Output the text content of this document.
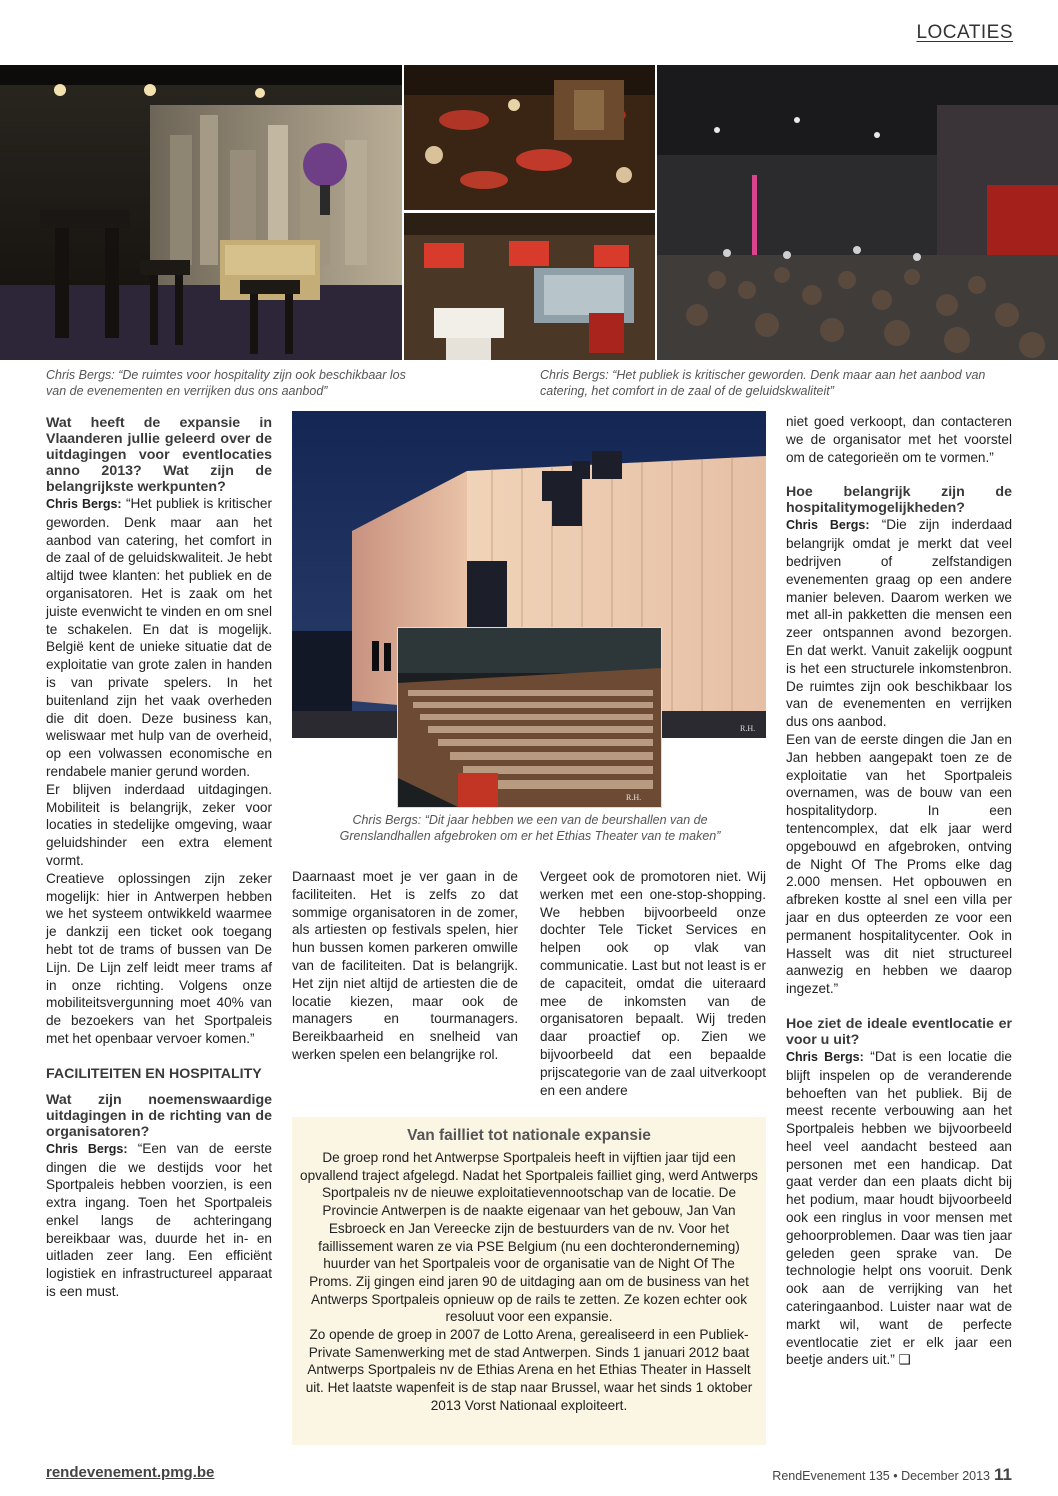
LOCATIES
Chris Bergs: “De ruimtes voor hospitality zijn ook beschikbaar los van de evenementen en verrijken dus ons aanbod”
Chris Bergs: “Het publiek is kritischer geworden. Denk maar aan het aanbod van catering, het comfort in de zaal of de geluidskwaliteit”
R.H.
R.H.
Chris Bergs: “Dit jaar hebben we een van de beurshallen van de Grenslandhallen afgebroken om er het Ethias Theater van te maken”

Wat heeft de expansie in Vlaanderen jullie geleerd over de uitdagingen voor eventlocaties anno 2013? Wat zijn de belangrijkste werkpunten?

Chris Bergs: “Het publiek is kritischer geworden. Denk maar aan het aanbod van catering, het comfort in de zaal of de geluidskwaliteit. Je hebt altijd twee klanten: het publiek en de organisatoren. Het is zaak om het juiste evenwicht te vinden en om snel te schakelen. En dat is mogelijk. België kent de unieke situatie dat de exploitatie van grote zalen in handen is van private spelers. In het buitenland zijn het vaak overheden die dit doen. Deze business kan, weliswaar met hulp van de overheid, op een volwassen economische en rendabele manier gerund worden.

Er blijven inderdaad uitdagingen. Mobiliteit is belangrijk, zeker voor locaties in stedelijke omgeving, waar geluidshinder een extra element vormt.

Creatieve oplossingen zijn zeker mogelijk: hier in Antwerpen hebben we het systeem ontwikkeld waarmee je dankzij een ticket ook toegang hebt tot de trams of bussen van De Lijn. De Lijn zelf leidt meer trams af in onze richting. Volgens onze mobiliteitsvergunning moet 40% van de bezoekers van het Sportpaleis met het openbaar vervoer komen.”

FACILITEITEN EN HOSPITALITY

Wat zijn noemenswaardige uitdagingen in de richting van de organisatoren?

Chris Bergs: “Een van de eerste dingen die we destijds voor het Sportpaleis hebben voorzien, is een extra ingang. Toen het Sportpaleis enkel langs de achteringang bereikbaar was, duurde het in- en uitladen zeer lang. Een efficiënt logistiek en infrastructureel apparaat is een must.

Daarnaast moet je ver gaan in de faciliteiten. Het is zelfs zo dat sommige organisatoren in de zomer, als artiesten op festivals spelen, hier hun bussen komen parkeren omwille van de faciliteiten. Dat is belangrijk. Het zijn niet altijd de artiesten die de locatie kiezen, maar ook de managers en tourmanagers. Bereikbaarheid en snelheid van werken spelen een belangrijke rol.
Vergeet ook de promotoren niet. Wij werken met een one-stop-shopping. We hebben bijvoorbeeld onze dochter Tele Ticket Services en helpen ook op vlak van communicatie. Last but not least is er de capaciteit, omdat die uiteraard mee de inkomsten van de organisatoren bepaalt. Wij treden daar proactief op. Zien we bijvoorbeeld dat een bepaalde prijscategorie van de zaal uitverkoopt en een andere

niet goed verkoopt, dan contacteren we de organisator met het voorstel om de categorieën om te vormen.”

Hoe belangrijk zijn de hospitalitymogelijkheden?

Chris Bergs: “Die zijn inderdaad belangrijk omdat je merkt dat veel bedrijven of zelfstandigen evenementen graag op een andere manier beleven. Daarom werken we met all-in pakketten die mensen een zeer ontspannen avond bezorgen. En dat werkt. Vanuit zakelijk oogpunt is het een structurele inkomstenbron. De ruimtes zijn ook beschikbaar los van de evenementen en verrijken dus ons aanbod.

Een van de eerste dingen die Jan en Jan hebben aangepakt toen ze de exploitatie van het Sportpaleis overnamen, was de bouw van een hospitalitydorp. In een tentencomplex, dat elk jaar werd opgebouwd en afgebroken, ontving de Night Of The Proms elke dag 2.000 mensen. Het opbouwen en afbreken kostte al snel een villa per jaar en dus opteerden ze voor een permanent hospitalitycenter. Ook in Hasselt was dit niet structureel aanwezig en hebben we daarop ingezet.”

Hoe ziet de ideale eventlocatie er voor u uit?

Chris Bergs: “Dat is een locatie die blijft inspelen op de veranderende behoeften van het publiek. Bij de meest recente verbouwing aan het Sportpaleis hebben we bijvoorbeeld heel veel aandacht besteed aan personen met een handicap. Dat gaat verder dan een plaats dicht bij het podium, maar houdt bijvoorbeeld ook een ringlus in voor mensen met gehoorproblemen. Daar was tien jaar geleden geen sprake van. De technologie helpt ons vooruit. Denk ook aan de verrijking van het cateringaanbod. Luister naar wat de markt wil, want de perfecte eventlocatie ziet er elk jaar een beetje anders uit.” ❑

Van failliet tot nationale expansie

De groep rond het Antwerpse Sportpaleis heeft in vijftien jaar tijd een opvallend traject afgelegd. Nadat het Sportpaleis failliet ging, werd Antwerps Sportpaleis nv de nieuwe exploitatievennootschap van de locatie. De Provincie Antwerpen is de naakte eigenaar van het gebouw, Jan Van Esbroeck en Jan Vereecke zijn de bestuurders van de nv. Voor het faillissement waren ze via PSE Belgium (nu een dochteronderneming) huurder van het Sportpaleis voor de organisatie van de Night Of The Proms. Zij gingen eind jaren 90 de uitdaging aan om de business van het Antwerps Sportpaleis opnieuw op de rails te zetten. Ze kozen echter ook resoluut voor een expansie.

Zo opende de groep in 2007 de Lotto Arena, gerealiseerd in een Publiek-Private Samenwerking met de stad Antwerpen. Sinds 1 januari 2012 baat Antwerps Sportpaleis nv de Ethias Arena en het Ethias Theater in Hasselt uit. Het laatste wapenfeit is de stap naar Brussel, waar het sinds 1 oktober 2013 Vorst Nationaal exploiteert.

rendevenement.pmg.be	RendEvenement 135 • December 2013 11
